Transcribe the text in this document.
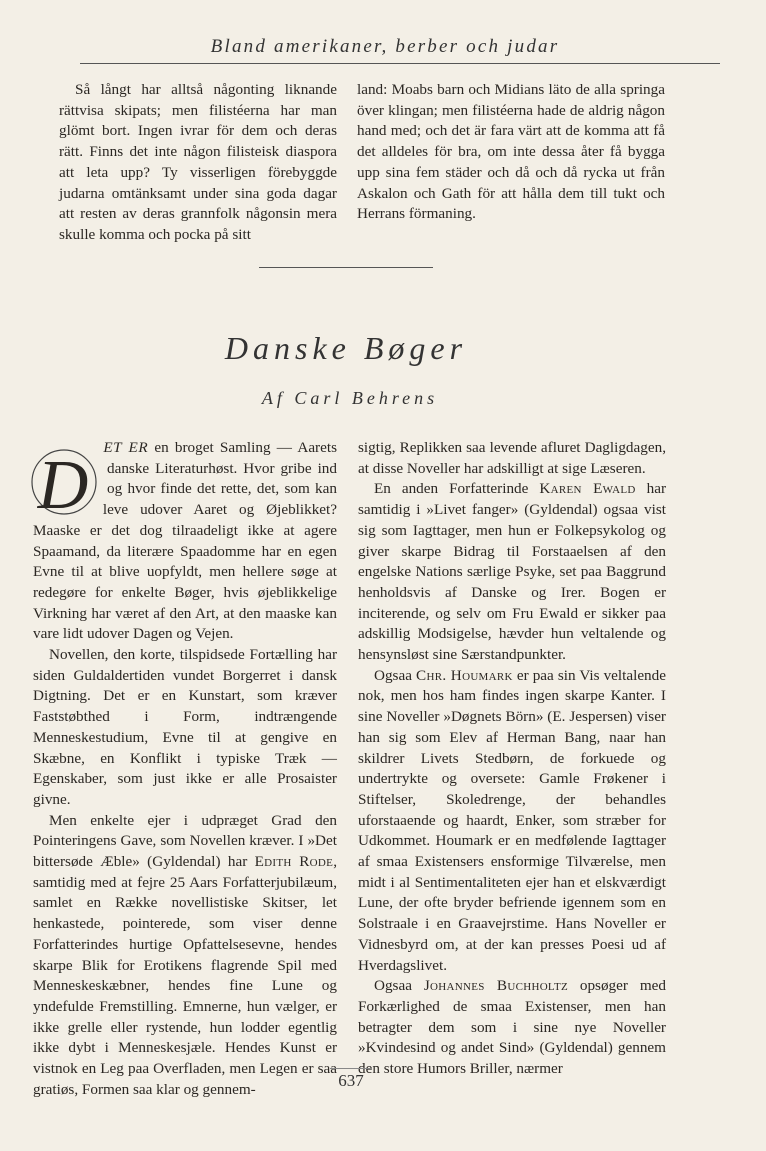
Bland amerikaner, berber och judar

Så långt har alltså någonting liknande rättvisa skipats; men filistéerna har man glömt bort. Ingen ivrar för dem och deras rätt. Finns det inte någon filisteisk diaspora att leta upp? Ty visserligen förebyggde judarna omtänksamt under sina goda dagar att resten av deras grannfolk någonsin mera skulle komma och pocka på sitt

land: Moabs barn och Midians läto de alla springa över klingan; men filistéerna hade de aldrig någon hand med; och det är fara värt att de komma att få det alldeles för bra, om inte dessa åter få bygga upp sina fem städer och då och då rycka ut från Askalon och Gath för att hålla dem till tukt och Herrans förmaning.

Danske Bøger
Af Carl Behrens
D ET ER en broget Samling — Aarets danske Literaturhøst. Hvor gribe ind og hvor finde det rette, det, som kan leve udover Aaret og Øjeblikket? Maaske er det dog tilraadeligt ikke at agere Spaamand, da literære Spaadomme har en egen Evne til at blive uopfyldt, men hellere søge at redegøre for enkelte Bøger, hvis øjeblikkelige Virkning har været af den Art, at den maaske kan vare lidt udover Dagen og Vejen.

Novellen, den korte, tilspidsede Fortælling har siden Guldaldertiden vundet Borgerret i dansk Digtning. Det er en Kunstart, som kræver Faststøbthed i Form, indtrængende Menneskestudium, Evne til at gengive en Skæbne, en Konflikt i typiske Træk — Egenskaber, som just ikke er alle Prosaister givne.

Men enkelte ejer i udpræget Grad den Pointeringens Gave, som Novellen kræver. I »Det bittersøde Æble» (Gyldendal) har Edith Rode, samtidig med at fejre 25 Aars Forfatterjubilæum, samlet en Række novellistiske Skitser, let henkastede, pointerede, som viser denne Forfatterindes hurtige Opfattelsesevne, hendes skarpe Blik for Erotikens flagrende Spil med Menneskeskæbner, hendes fine Lune og yndefulde Fremstilling. Emnerne, hun vælger, er ikke grelle eller rystende, hun lodder egentlig ikke dybt i Menneskesjæle. Hendes Kunst er vistnok en Leg paa Overfladen, men Legen er saa gratiøs, Formen saa klar og gennem-

sigtig, Replikken saa levende afluret Dagligdagen, at disse Noveller har adskilligt at sige Læseren.

En anden Forfatterinde Karen Ewald har samtidig i »Livet fanger» (Gyldendal) ogsaa vist sig som Iagttager, men hun er Folkepsykolog og giver skarpe Bidrag til Forstaaelsen af den engelske Nations særlige Psyke, set paa Baggrund henholdsvis af Danske og Irer. Bogen er inciterende, og selv om Fru Ewald er sikker paa adskillig Modsigelse, hævder hun veltalende og hensynsløst sine Særstandpunkter.

Ogsaa Chr. Houmark er paa sin Vis veltalende nok, men hos ham findes ingen skarpe Kanter. I sine Noveller »Døgnets Börn» (E. Jespersen) viser han sig som Elev af Herman Bang, naar han skildrer Livets Stedbørn, de forkuede og undertrykte og oversete: Gamle Frøkener i Stiftelser, Skoledrenge, der behandles uforstaaende og haardt, Enker, som stræber for Udkommet. Houmark er en medfølende Iagttager af smaa Existensers ensformige Tilværelse, men midt i al Sentimentaliteten ejer han et elskværdigt Lune, der ofte bryder befriende igennem som en Solstraale i en Graavejrstime. Hans Noveller er Vidnesbyrd om, at der kan presses Poesi ud af Hverdagslivet.

Ogsaa Johannes Buchholtz opsøger med Forkærlighed de smaa Existenser, men han betragter dem som i sine nye Noveller »Kvindesind og andet Sind» (Gyldendal) gennem den store Humors Briller, nærmer

637
